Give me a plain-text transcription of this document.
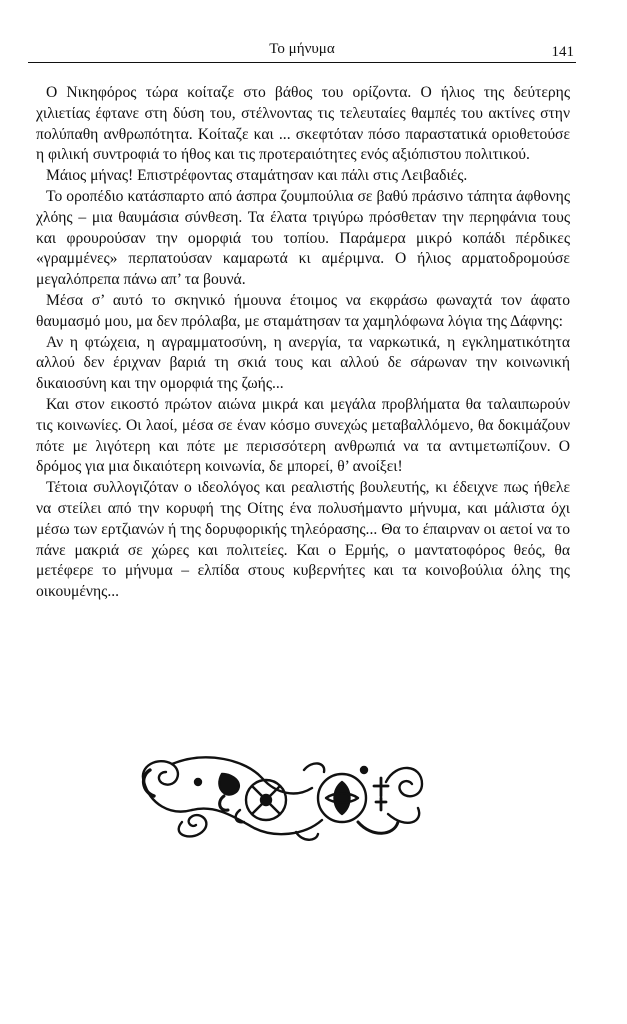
Το μήνυμα	141

Ο Νικηφόρος τώρα κοίταζε στο βάθος του ορίζοντα. Ο ήλιος της δεύτερης χιλιετίας έφτανε στη δύση του, στέλνοντας τις τελευταίες θαμπές του ακτίνες στην πολύπαθη ανθρωπότητα. Κοίταζε και ... σκεφτόταν πόσο παραστατικά οριοθετούσε η φιλική συντροφιά το ήθος και τις προτεραιότητες ενός αξιόπιστου πολιτικού.

Μάιος μήνας! Επιστρέφοντας σταμάτησαν και πάλι στις Λειβαδιές.

Το οροπέδιο κατάσπαρτο από άσπρα ζουμπούλια σε βαθύ πράσινο τάπητα άφθονης χλόης – μια θαυμάσια σύνθεση. Τα έλατα τριγύρω πρόσθεταν την περηφάνια τους και φρουρούσαν την ομορφιά του τοπίου. Παράμερα μικρό κοπάδι πέρδικες «γραμμένες» περπατούσαν καμαρωτά κι αμέριμνα. Ο ήλιος αρματοδρομούσε μεγαλόπρεπα πάνω απ’ τα βουνά.

Μέσα σ’ αυτό το σκηνικό ήμουνα έτοιμος να εκφράσω φωναχτά τον άφατο θαυμασμό μου, μα δεν πρόλαβα, με σταμάτησαν τα χαμηλόφωνα λόγια της Δάφνης:

Αν η φτώχεια, η αγραμματοσύνη, η ανεργία, τα ναρκωτικά, η εγκληματικότητα αλλού δεν έριχναν βαριά τη σκιά τους και αλλού δε σάρωναν την κοινωνική δικαιοσύνη και την ομορφιά της ζωής...

Και στον εικοστό πρώτον αιώνα μικρά και μεγάλα προβλήματα θα ταλαιπωρούν τις κοινωνίες. Οι λαοί, μέσα σε έναν κόσμο συνεχώς μεταβαλλόμενο, θα δοκιμάζουν πότε με λιγότερη και πότε με περισσότερη ανθρωπιά να τα αντιμετωπίζουν. Ο δρόμος για μια δικαιότερη κοινωνία, δε μπορεί, θ’ ανοίξει!

Τέτοια συλλογιζόταν ο ιδεολόγος και ρεαλιστής βουλευτής, κι έδειχνε πως ήθελε να στείλει από την κορυφή της Οίτης ένα πολυσήμαντο μήνυμα, και μάλιστα όχι μέσω των ερτζιανών ή της δορυφορικής τηλεόρασης... Θα το έπαιρναν οι αετοί να το πάνε μακριά σε χώρες και πολιτείες. Και ο Ερμής, ο μαντατοφόρος θεός, θα μετέφερε το μήνυμα – ελπίδα στους κυβερνήτες και τα κοινοβούλια όλης της οικουμένης...
